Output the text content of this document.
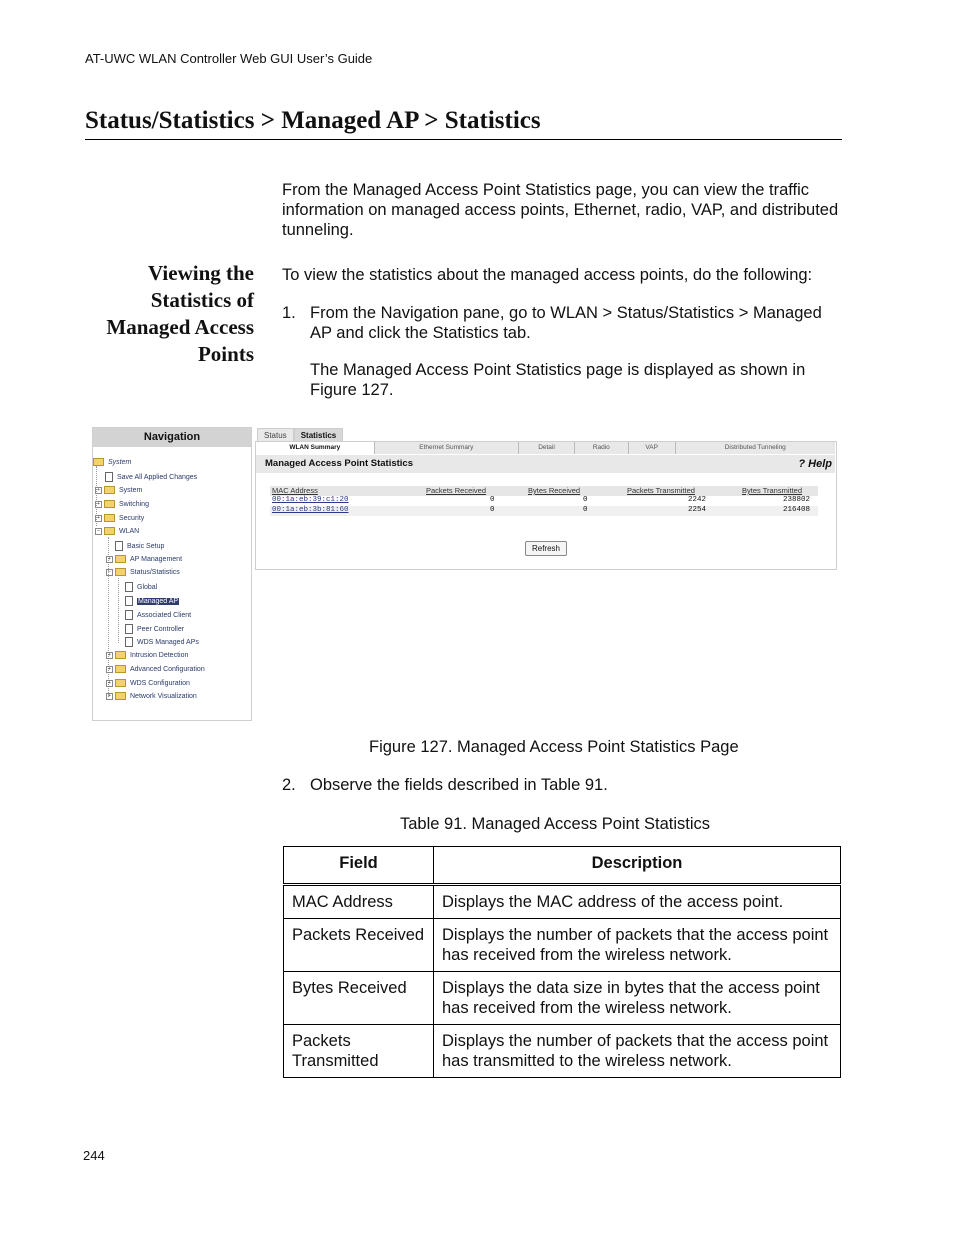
AT-UWC WLAN Controller Web GUI User’s Guide
Status/Statistics > Managed AP > Statistics
From the Managed Access Point Statistics page, you can view the traffic information on managed access points, Ethernet, radio, VAP, and distributed tunneling.
Viewing the
Statistics of
Managed Access
Points
To view the statistics about the managed access points, do the following:
1. From the Navigation pane, go to WLAN > Status/Statistics > Managed
AP and click the Statistics tab.
The Managed Access Point Statistics page is displayed as shown in
Figure 127.
Navigation
System
Save All Applied Changes
+	System
+	Switching
+	Security
−	WLAN
Basic Setup
+	AP Management
−	Status/Statistics
Global
Managed AP
Associated Client
Peer Controller
WDS Managed APs
+	Intrusion Detection
+	Advanced Configuration
+	WDS Configuration
+	Network Visualization
Status	Statistics
WLAN Summary	Ethernet Summary	Detail	Radio	VAP	Distributed Tunneling
Managed Access Point Statistics	? Help
MAC Address	Packets Received	Bytes Received	Packets Transmitted	Bytes Transmitted
00:1a:eb:39:c1:20	0	0	2242	238802
00:1a:eb:3b:81:60	0	0	2254	216408
Refresh
Figure 127. Managed Access Point Statistics Page
2. Observe the fields described in Table 91.
Table 91. Managed Access Point Statistics
Field	Description
MAC Address	Displays the MAC address of the access point.
Packets Received	Displays the number of packets that the access point has received from the wireless network.
Bytes Received	Displays the data size in bytes that the access point has received from the wireless network.
Packets Transmitted	Displays the number of packets that the access point has transmitted to the wireless network.
244
